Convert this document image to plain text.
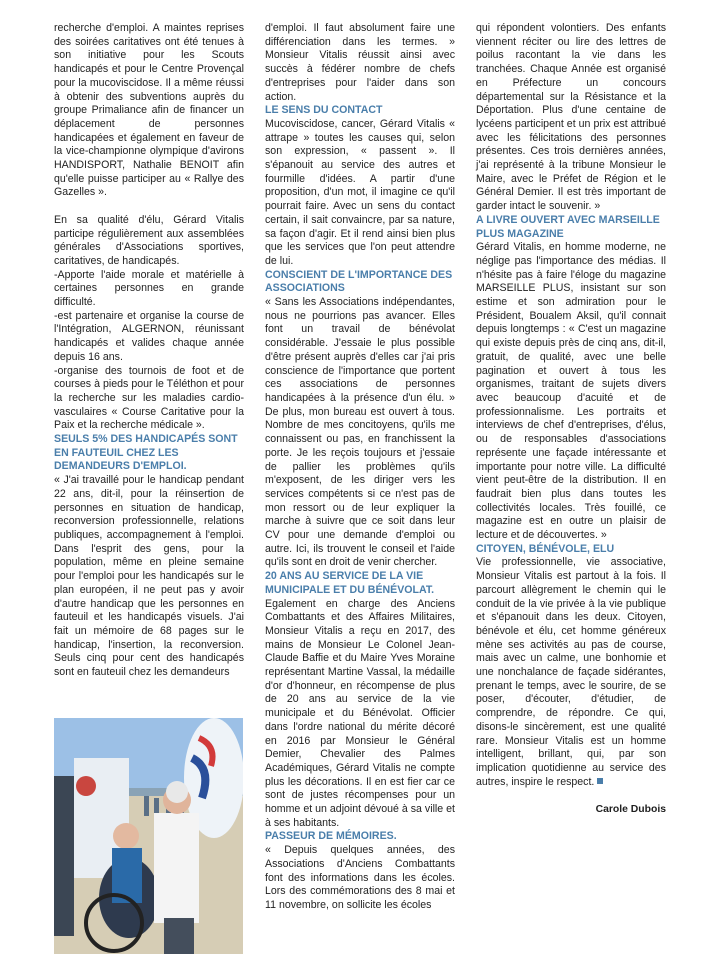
recherche d'emploi. A maintes reprises des soirées caritatives ont été tenues à son initiative pour les Scouts handicapés et pour le Centre Provençal pour la mucoviscidose. Il a même réussi à obtenir des subventions auprès du groupe Primaliance afin de financer un déplacement de personnes handicapées et également en faveur de la vice-championne olympique d'avirons HANDISPORT, Nathalie BENOIT afin qu'elle puisse participer au « Rallye des Gazelles ».

En sa qualité d'élu, Gérard Vitalis participe régulièrement aux assemblées générales d'Associations sportives, caritatives, de handicapés.

-Apporte l'aide morale et matérielle à certaines personnes en grande difficulté.

-est partenaire et organise la course de l'Intégration, ALGERNON, réunissant handicapés et valides chaque année depuis 16 ans.

-organise des tournois de foot et de courses à pieds pour le Téléthon et pour la recherche sur les maladies cardio-vasculaires « Course Caritative pour la Paix et la recherche médicale ».

SEULS 5% DES HANDICAPÉS SONT EN FAUTEUIL CHEZ LES DEMANDEURS D'EMPLOI.

« J'ai travaillé pour le handicap pendant 22 ans, dit-il, pour la réinsertion de personnes en situation de handicap, reconversion professionnelle, relations publiques, accompagnement à l'emploi. Dans l'esprit des gens, pour la population, même en pleine semaine pour l'emploi pour les handicapés sur le plan européen, il ne peut pas y avoir d'autre handicap que les personnes en fauteuil et les handicapés visuels. J'ai fait un mémoire de 68 pages sur le handicap, l'insertion, la reconversion. Seuls cinq pour cent des handicapés sont en fauteuil chez les demandeurs

d'emploi. Il faut absolument faire une différenciation dans les termes. » Monsieur Vitalis réussit ainsi avec succès à fédérer nombre de chefs d'entreprises pour l'aider dans son action.

LE SENS DU CONTACT

Mucoviscidose, cancer, Gérard Vitalis « attrape » toutes les causes qui, selon son expression, « passent ». Il s'épanouit au service des autres et fourmille d'idées. A partir d'une proposition, d'un mot, il imagine ce qu'il pourrait faire. Avec un sens du contact certain, il sait convaincre, par sa nature, sa façon d'agir. Et il rend ainsi bien plus que les services que l'on peut attendre de lui.

CONSCIENT DE L'IMPORTANCE DES ASSOCIATIONS

« Sans les Associations indépendantes, nous ne pourrions pas avancer. Elles font un travail de bénévolat considérable. J'essaie le plus possible d'être présent auprès d'elles car j'ai pris conscience de l'importance que portent ces associations de personnes handicapées à la présence d'un élu. » De plus, mon bureau est ouvert à tous. Nombre de mes concitoyens, qu'ils me connaissent ou pas, en franchissent la porte. Je les reçois toujours et j'essaie de pallier les problèmes qu'ils m'exposent, de les diriger vers les services compétents si ce n'est pas de mon ressort ou de leur expliquer la marche à suivre que ce soit dans leur CV pour une demande d'emploi ou autre. Ici, ils trouvent le conseil et l'aide qu'ils sont en droit de venir chercher.

20 ANS AU SERVICE DE LA VIE MUNICIPALE ET DU BÉNÉVOLAT.

Egalement en charge des Anciens Combattants et des Affaires Militaires, Monsieur Vitalis a reçu en 2017, des mains de Monsieur Le Colonel Jean-Claude Baffie et du Maire Yves Moraine représentant Martine Vassal, la médaille d'or d'honneur, en récompense de plus de 20 ans au service de la vie municipale et du Bénévolat. Officier dans l'ordre national du mérite décoré en 2016 par Monsieur le Général Demier, Chevalier des Palmes Académiques, Gérard Vitalis ne compte plus les décorations. Il en est fier car ce sont de justes récompenses pour un homme et un adjoint dévoué à sa ville et à ses habitants.

PASSEUR DE MÉMOIRES.

« Depuis quelques années, des Associations d'Anciens Combattants font des informations dans les écoles. Lors des commémorations des 8 mai et 11 novembre, on sollicite les écoles

qui répondent volontiers. Des enfants viennent réciter ou lire des lettres de poilus racontant la vie dans les tranchées. Chaque Année est organisé en Préfecture un concours départemental sur la Résistance et la Déportation. Plus d'une centaine de lycéens participent et un prix est attribué avec les félicitations des personnes présentes. Ces trois dernières années, j'ai représenté à la tribune Monsieur le Maire, avec le Préfet de Région et le Général Demier. Il est très important de garder intact le souvenir. »

A LIVRE OUVERT AVEC MARSEILLE PLUS MAGAZINE

Gérard Vitalis, en homme moderne, ne néglige pas l'importance des médias. Il n'hésite pas à faire l'éloge du magazine MARSEILLE PLUS, insistant sur son estime et son admiration pour le Président, Boualem Aksil, qu'il connait depuis longtemps : « C'est un magazine qui existe depuis près de cinq ans, dit-il, gratuit, de qualité, avec une belle pagination et ouvert à tous les organismes, traitant de sujets divers avec beaucoup d'acuité et de professionnalisme. Les portraits et interviews de chef d'entreprises, d'élus, ou de responsables d'associations représente une façade intéressante et importante pour notre ville. La difficulté vient peut-être de la distribution. Il en faudrait bien plus dans toutes les collectivités locales. Très fouillé, ce magazine est en outre un plaisir de lecture et de découvertes. »

CITOYEN, BÉNÉVOLE, ELU

Vie professionnelle, vie associative, Monsieur Vitalis est partout à la fois. Il parcourt allègrement le chemin qui le conduit de la vie privée à la vie publique et s'épanouit dans les deux. Citoyen, bénévole et élu, cet homme généreux mène ses activités au pas de course, mais avec un calme, une bonhomie et une nonchalance de façade sidérantes, prenant le temps, avec le sourire, de se poser, d'écouter, d'étudier, de comprendre, de répondre. Ce qui, disons-le sincèrement, est une qualité rare. Monsieur Vitalis est un homme intelligent, brillant, qui, par son implication quotidienne au service des autres, inspire le respect.

Carole Dubois
